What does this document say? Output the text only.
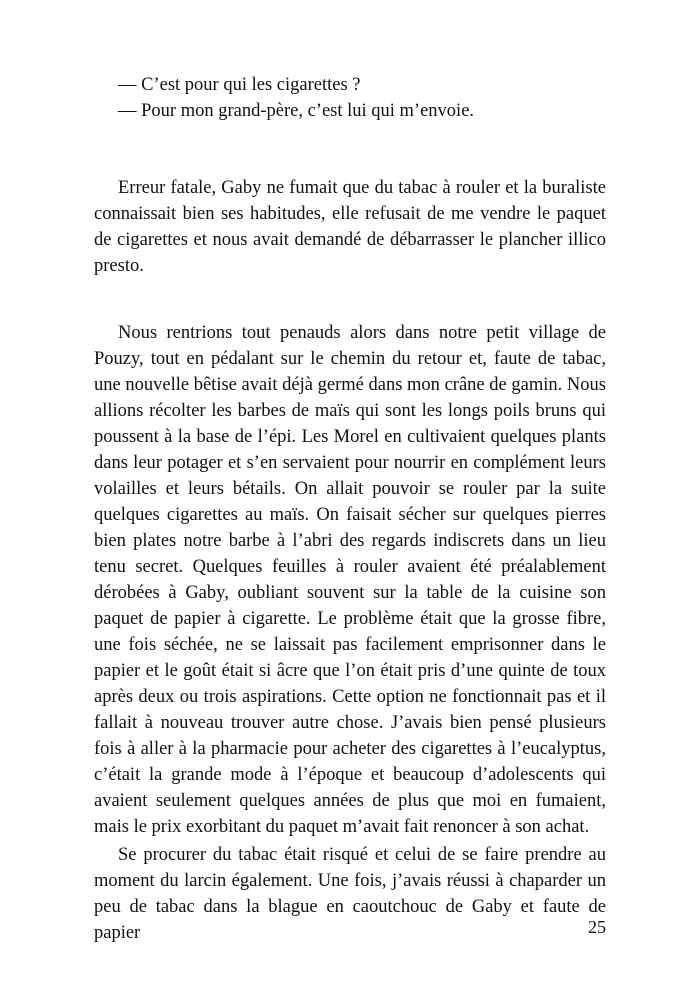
— C’est pour qui les cigarettes ?

— Pour mon grand-père, c’est lui qui m’envoie.

Erreur fatale, Gaby ne fumait que du tabac à rouler et la buraliste connaissait bien ses habitudes, elle refusait de me vendre le paquet de cigarettes et nous avait demandé de débarrasser le plancher illico presto.

Nous rentrions tout penauds alors dans notre petit village de Pouzy, tout en pédalant sur le chemin du retour et, faute de tabac, une nouvelle bêtise avait déjà germé dans mon crâne de gamin. Nous allions récolter les barbes de maïs qui sont les longs poils bruns qui poussent à la base de l’épi. Les Morel en cultivaient quelques plants dans leur potager et s’en servaient pour nourrir en complément leurs volailles et leurs bétails. On allait pouvoir se rouler par la suite quelques cigarettes au maïs. On faisait sécher sur quelques pierres bien plates notre barbe à l’abri des regards indiscrets dans un lieu tenu secret. Quelques feuilles à rouler avaient été préalablement dérobées à Gaby, oubliant souvent sur la table de la cuisine son paquet de papier à cigarette. Le problème était que la grosse fibre, une fois séchée, ne se laissait pas facilement emprisonner dans le papier et le goût était si âcre que l’on était pris d’une quinte de toux après deux ou trois aspirations. Cette option ne fonctionnait pas et il fallait à nouveau trouver autre chose. J’avais bien pensé plusieurs fois à aller à la pharmacie pour acheter des cigarettes à l’eucalyptus, c’était la grande mode à l’époque et beaucoup d’adolescents qui avaient seulement quelques années de plus que moi en fumaient, mais le prix exorbitant du paquet m’avait fait renoncer à son achat.

Se procurer du tabac était risqué et celui de se faire prendre au moment du larcin également. Une fois, j’avais réussi à chaparder un peu de tabac dans la blague en caoutchouc de Gaby et faute de papier	25
